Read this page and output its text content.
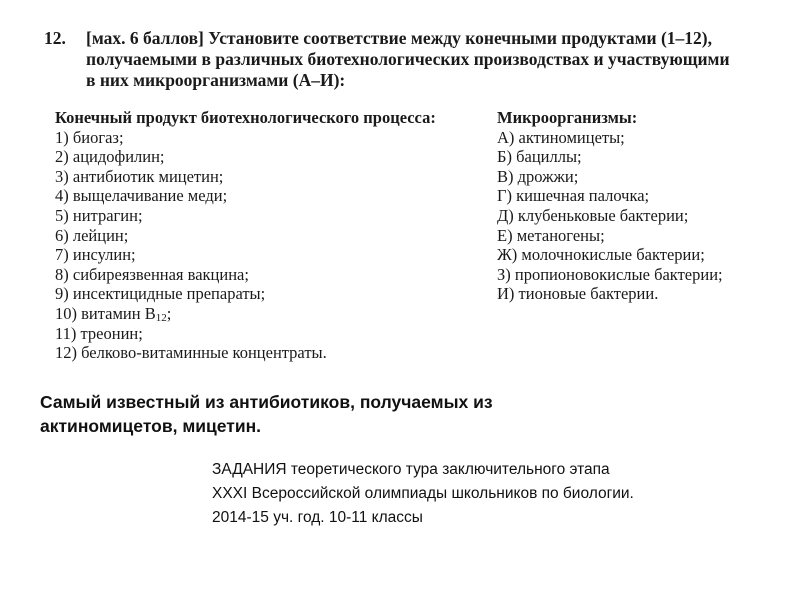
12.	[мах. 6 баллов] Установите соответствие между конечными продуктами (1–12),
получаемыми в различных биотехнологических производствах и участвующими
в них микроорганизмами (А–И):
Конечный продукт биотехнологического процесса:
1) биогаз;
2) ацидофилин;
3) антибиотик мицетин;
4) выщелачивание меди;
5) нитрагин;
6) лейцин;
7) инсулин;
8) сибиреязвенная вакцина;
9) инсектицидные препараты;
10) витамин $В_{12}$;
11) треонин;
12) белково-витаминные концентраты.
Микроорганизмы:
А) актиномицеты;
Б) бациллы;
В) дрожжи;
Г) кишечная палочка;
Д) клубеньковые бактерии;
Е) метаногены;
Ж) молочнокислые бактерии;
З) пропионовокислые бактерии;
И) тионовые бактерии.
Самый известный из антибиотиков, получаемых из
актиномицетов, мицетин.
ЗАДАНИЯ теоретического тура заключительного этапа
XXXI Всероссийской олимпиады школьников по биологии.
2014-15 уч. год. 10-11 классы
